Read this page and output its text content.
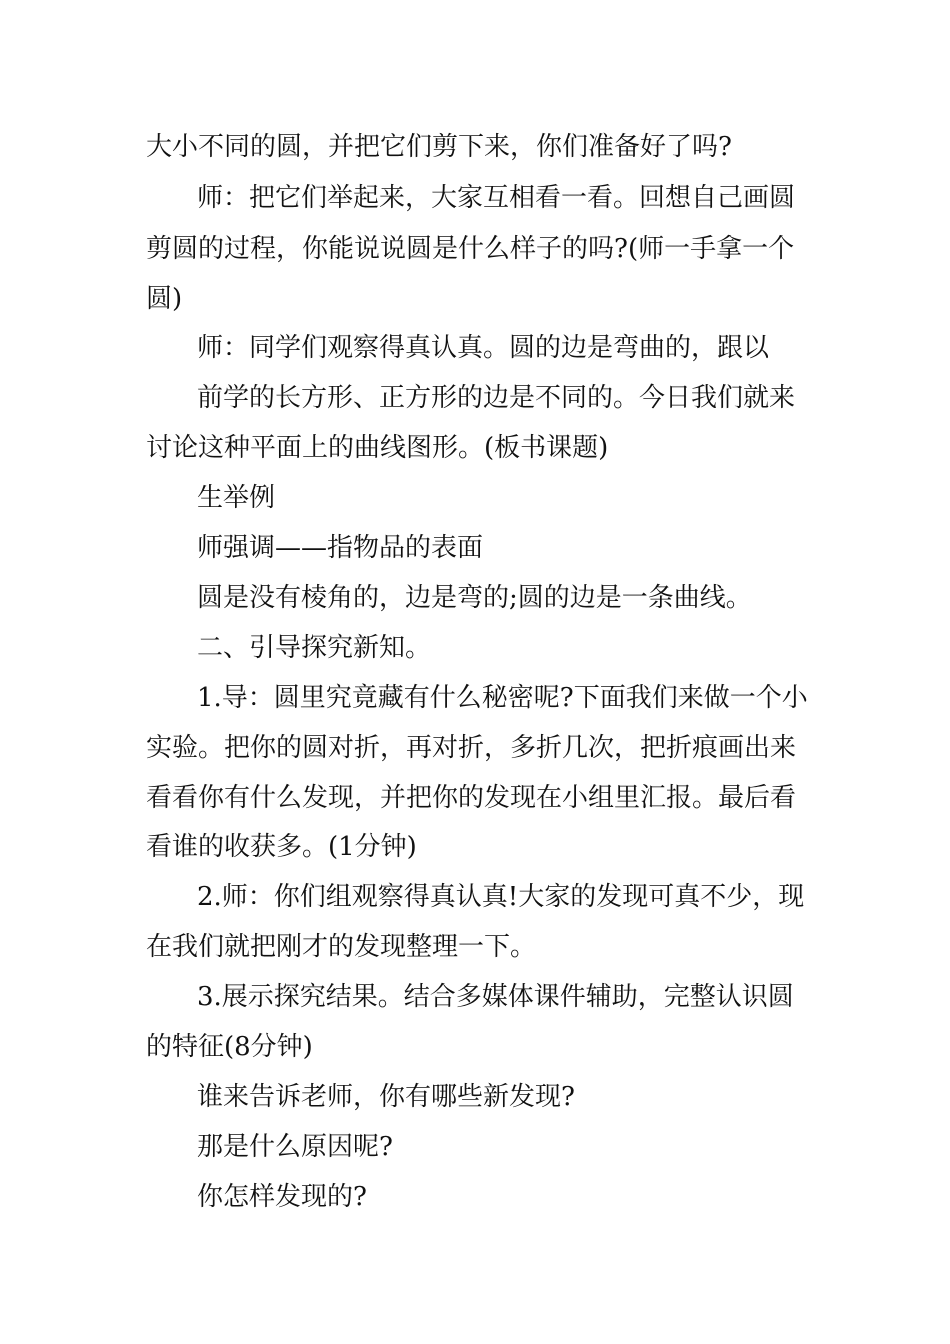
大小不同的圆，并把它们剪下来，你们准备好了吗?
师：把它们举起来，大家互相看一看。回想自己画圆
剪圆的过程，你能说说圆是什么样子的吗?(师一手拿一个
圆)
师：同学们观察得真认真。圆的边是弯曲的，跟以
前学的长方形、正方形的边是不同的。今日我们就来
讨论这种平面上的曲线图形。(板书课题)
生举例
师强调——指物品的表面
圆是没有棱角的，边是弯的;圆的边是一条曲线。
二、引导探究新知。
1.导：圆里究竟藏有什么秘密呢?下面我们来做一个小
实验。把你的圆对折，再对折，多折几次，把折痕画出来
看看你有什么发现，并把你的发现在小组里汇报。最后看
看谁的收获多。(1分钟)
2.师：你们组观察得真认真!大家的发现可真不少，现
在我们就把刚才的发现整理一下。
3.展示探究结果。结合多媒体课件辅助，完整认识圆
的特征(8分钟)
谁来告诉老师，你有哪些新发现?
那是什么原因呢?
你怎样发现的?
